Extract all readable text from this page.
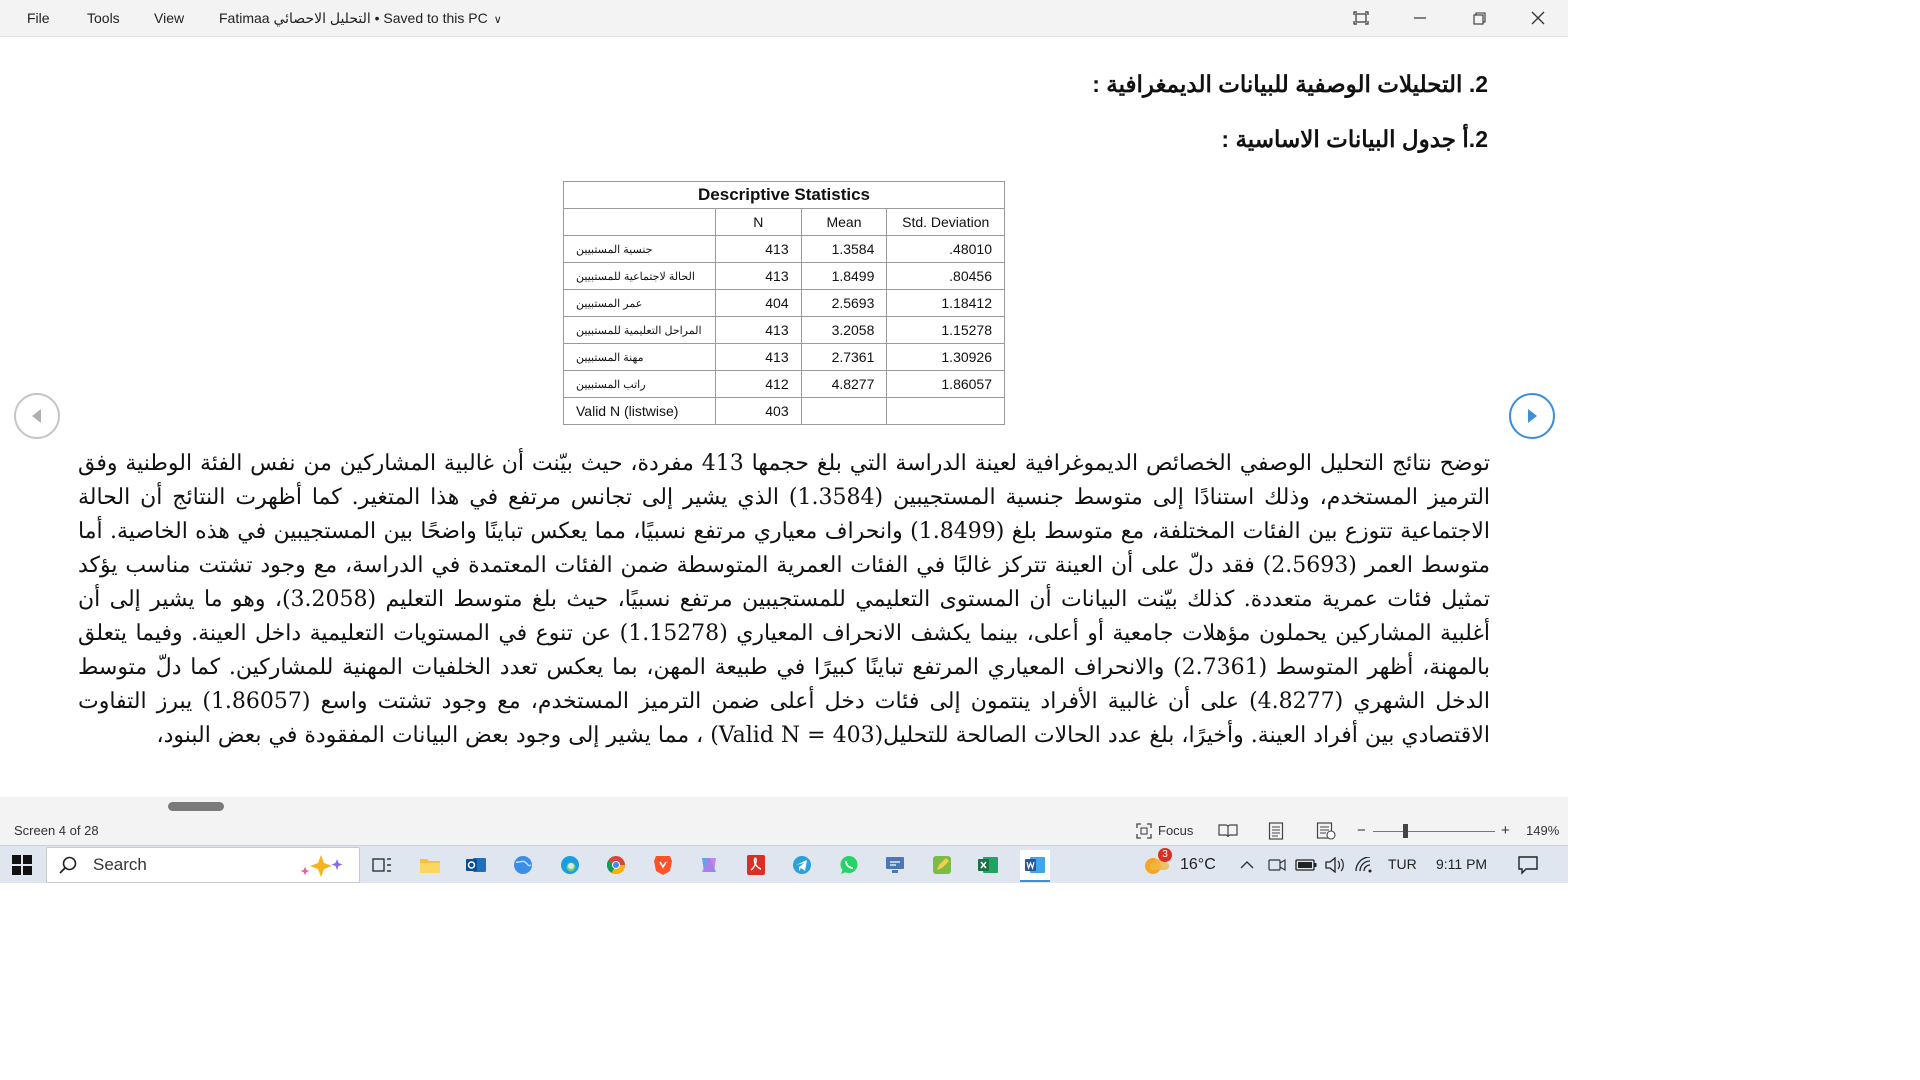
File	Tools View Fatimaa التحليل الاحصائي • Saved to this PC ∨
2. التحليلات الوصفية للبيانات الديمغرافية :
2.أ جدول البيانات الاساسية :
Descriptive Statistics			
	N	Mean	Std. Deviation
جنسية المستبيين	413	1.3584	.48010
الحالة لاجتماعية للمستبيين	413	1.8499	.80456
عمر المستبيين	404	2.5693	1.18412
المراحل التعليمية للمستبيين	413	3.2058	1.15278
مهنة المستبيين	413	2.7361	1.30926
راتب المستبيين	412	4.8277	1.86057
Valid N (listwise)	403		
توضح نتائج التحليل الوصفي الخصائص الديموغرافية لعينة الدراسة التي بلغ حجمها 413 مفردة، حيث بيّنت أن غالبية المشاركين من نفس الفئة الوطنية وفق الترميز المستخدم، وذلك استنادًا إلى متوسط جنسية المستجيبين (1.3584) الذي يشير إلى تجانس مرتفع في هذا المتغير. كما أظهرت النتائج أن الحالة الاجتماعية تتوزع بين الفئات المختلفة، مع متوسط بلغ (1.8499) وانحراف معياري مرتفع نسبيًا، مما يعكس تباينًا واضحًا بين المستجيبين في هذه الخاصية. أما متوسط العمر (2.5693) فقد دلّ على أن العينة تتركز غالبًا في الفئات العمرية المتوسطة ضمن الفئات المعتمدة في الدراسة، مع وجود تشتت مناسب يؤكد تمثيل فئات عمرية متعددة. كذلك بيّنت البيانات أن المستوى التعليمي للمستجيبين مرتفع نسبيًا، حيث بلغ متوسط التعليم (3.2058)، وهو ما يشير إلى أن أغلبية المشاركين يحملون مؤهلات جامعية أو أعلى، بينما يكشف الانحراف المعياري (1.15278) عن تنوع في المستويات التعليمية داخل العينة. وفيما يتعلق بالمهنة، أظهر المتوسط (2.7361) والانحراف المعياري المرتفع تباينًا كبيرًا في طبيعة المهن، بما يعكس تعدد الخلفيات المهنية للمشاركين. كما دلّ متوسط الدخل الشهري (4.8277) على أن غالبية الأفراد ينتمون إلى فئات دخل أعلى ضمن الترميز المستخدم، مع وجود تشتت واسع (1.86057) يبرز التفاوت الاقتصادي بين أفراد العينة. وأخيرًا، بلغ عدد الحالات الصالحة للتحليل(Valid N = 403) ، مما يشير إلى وجود بعض البيانات المفقودة في بعض البنود،
Screen 4 of 28	Focus	−	+ 149%
Search
3
16°C	TUR 9:11 PM
